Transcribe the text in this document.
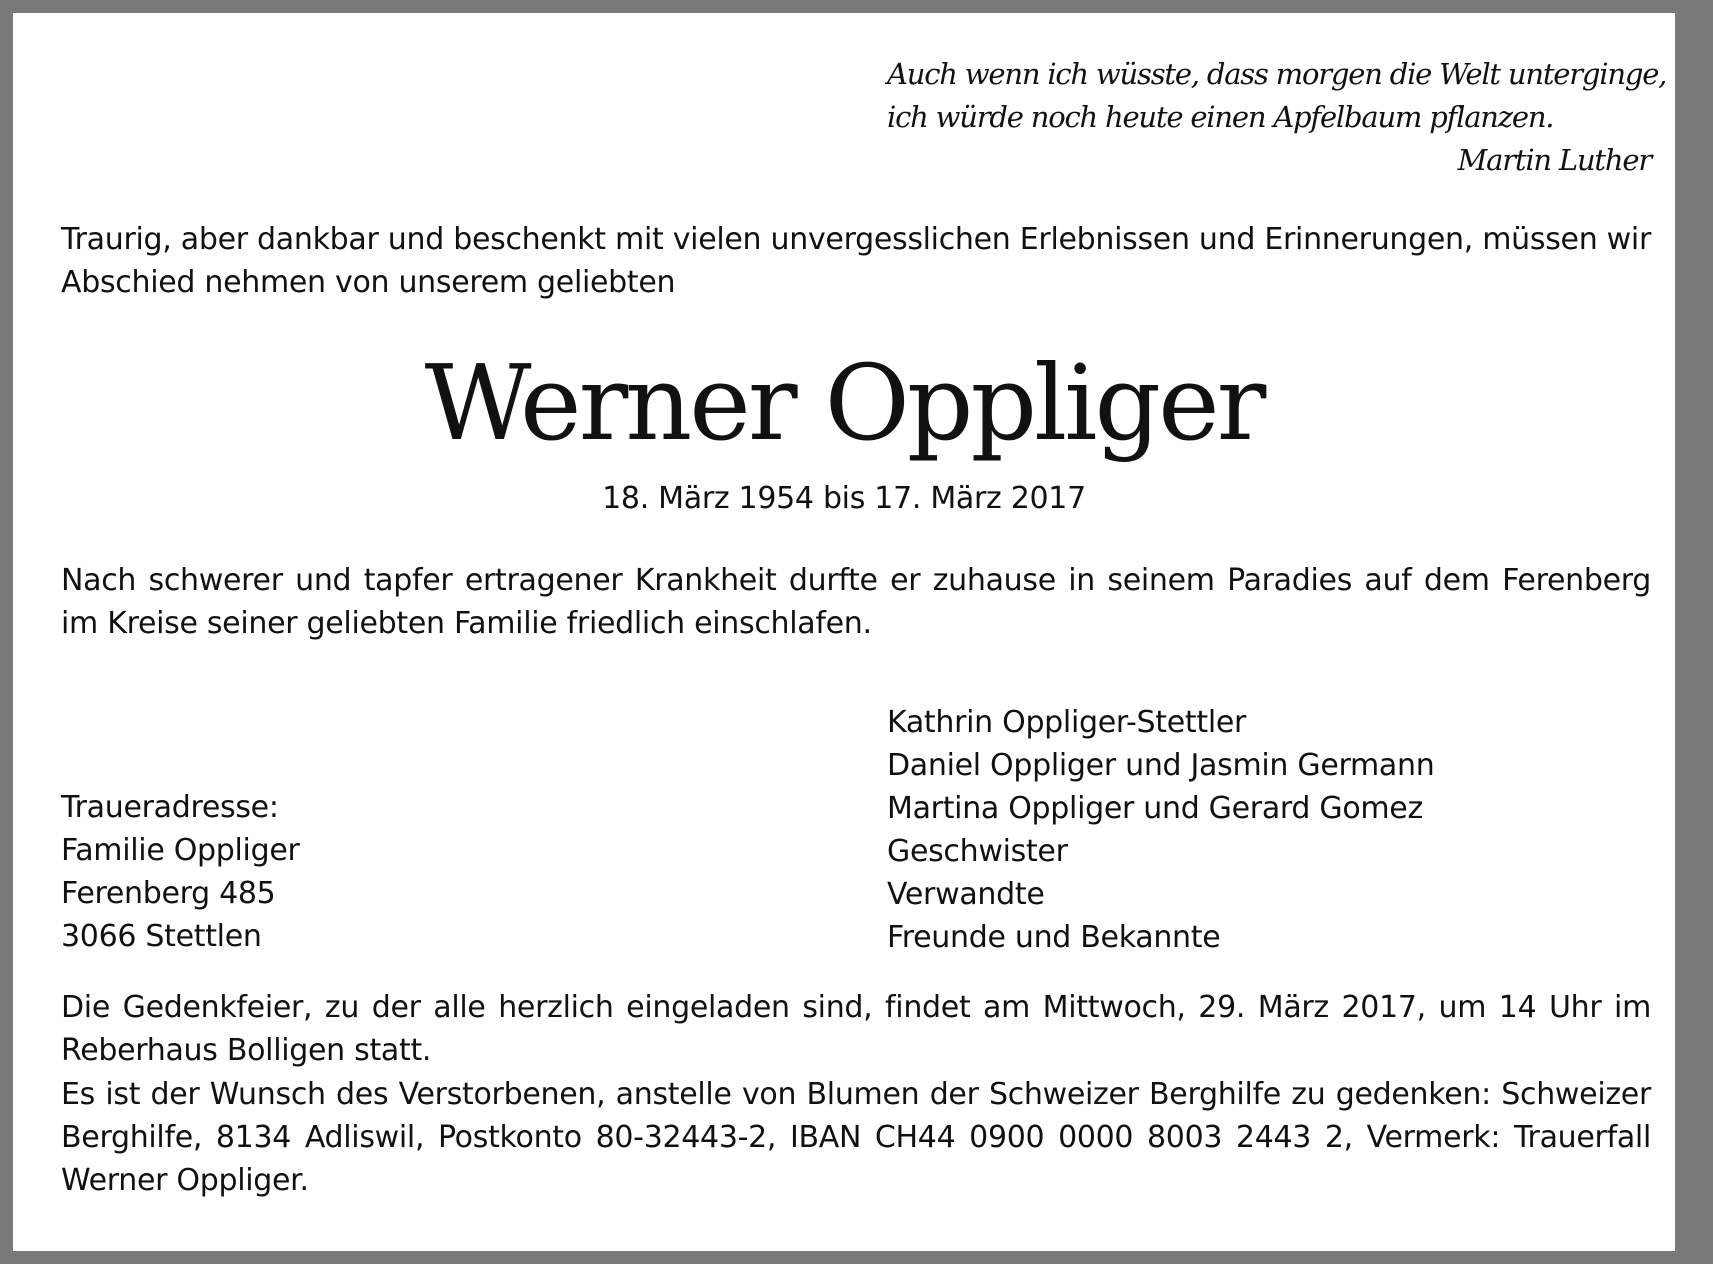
Auch wenn ich wüsste, dass morgen die Welt unterginge,
ich würde noch heute einen Apfelbaum pflanzen.
Martin Luther
Traurig, aber dankbar und beschenkt mit vielen unvergesslichen Erlebnissen und Erinnerungen, müssen wir Abschied nehmen von unserem geliebten
Werner Oppliger
18. März 1954 bis 17. März 2017
Nach schwerer und tapfer ertragener Krankheit durfte er zuhause in seinem Paradies auf dem Ferenberg im Kreise seiner geliebten Familie friedlich einschlafen.
Traueradresse:
Familie Oppliger
Ferenberg 485
3066 Stettlen
Kathrin Oppliger-Stettler
Daniel Oppliger und Jasmin Germann
Martina Oppliger und Gerard Gomez
Geschwister
Verwandte
Freunde und Bekannte
Die Gedenkfeier, zu der alle herzlich eingeladen sind, findet am Mittwoch, 29. März 2017, um 14 Uhr im Reberhaus Bolligen statt.
Es ist der Wunsch des Verstorbenen, anstelle von Blumen der Schweizer Berghilfe zu gedenken: Schweizer Berghilfe, 8134 Adliswil, Postkonto 80-32443-2, IBAN CH44 0900 0000 8003 2443 2, Vermerk: Trauerfall Werner Oppliger.
